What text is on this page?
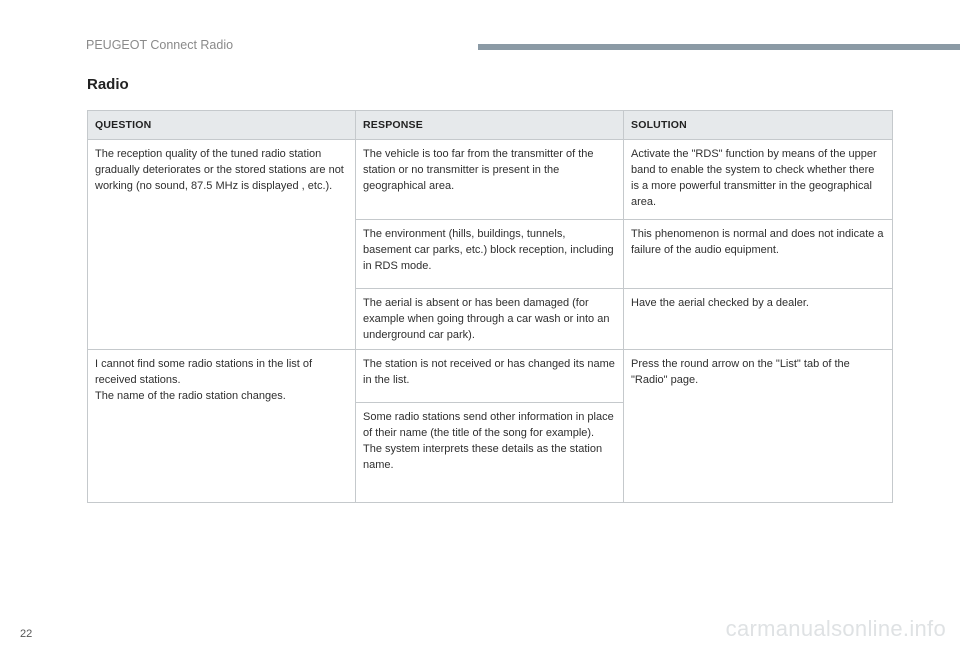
PEUGEOT Connect Radio
Radio
QUESTION	RESPONSE	SOLUTION
The reception quality of the tuned radio station gradually deteriorates or the stored stations are not working (no sound, 87.5 MHz is displayed , etc.).	The vehicle is too far from the transmitter of the station or no transmitter is present in the geographical area.	Activate the "RDS" function by means of the upper band to enable the system to check whether there is a more powerful transmitter in the geographical area.
	The environment (hills, buildings, tunnels, basement car parks, etc.) block reception, including in RDS mode.	This phenomenon is normal and does not indicate a failure of the audio equipment.
	The aerial is absent or has been damaged (for example when going through a car wash or into an underground car park).	Have the aerial checked by a dealer.
I cannot find some radio stations in the list of received stations.
The name of the radio station changes.	The station is not received or has changed its name in the list.	Press the round arrow on the "List" tab of the "Radio" page.
	Some radio stations send other information in place of their name (the title of the song for example).
The system interprets these details as the station name.	
22	carmanualsonline.info
